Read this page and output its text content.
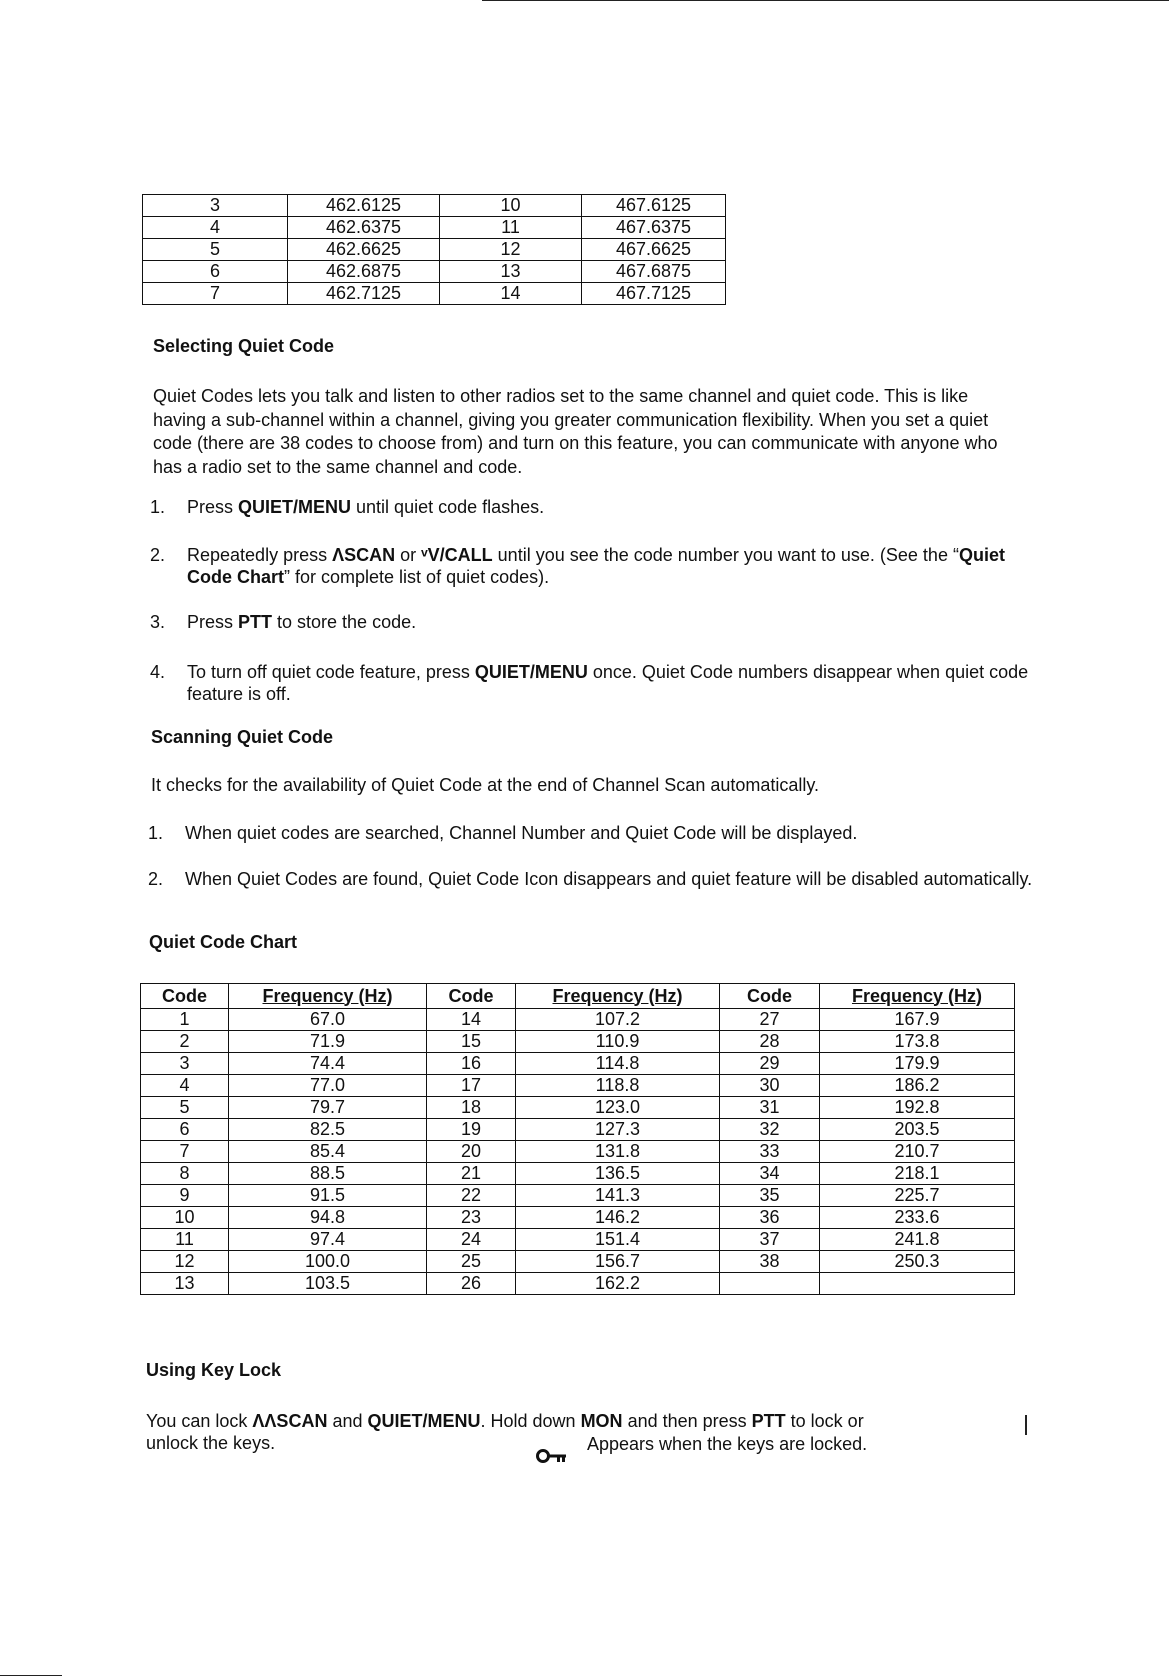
3	462.6125	10	467.6125
4	462.6375	11	467.6375
5	462.6625	12	467.6625
6	462.6875	13	467.6875
7	462.7125	14	467.7125
Selecting Quiet Code
Quiet Codes lets you talk and listen to other radios set to the same channel and quiet code. This is like having a sub-channel within a channel, giving you greater communication flexibility. When you set a quiet code (there are 38 codes to choose from) and turn on this feature, you can communicate with anyone who has a radio set to the same channel and code.
1. Press QUIET/MENU until quiet code flashes.
2. Repeatedly press ΛSCAN or ᵛV/CALL until you see the code number you want to use. (See the “Quiet Code Chart” for complete list of quiet codes).
3. Press PTT to store the code.
4. To turn off quiet code feature, press QUIET/MENU once. Quiet Code numbers disappear when quiet code feature is off.
Scanning Quiet Code
It checks for the availability of Quiet Code at the end of Channel Scan automatically.
1. When quiet codes are searched, Channel Number and Quiet Code will be displayed.
2. When Quiet Codes are found, Quiet Code Icon disappears and quiet feature will be disabled automatically.
Quiet Code Chart
Code	Frequency (Hz)	Code	Frequency (Hz)	Code	Frequency (Hz)
1	67.0	14	107.2	27	167.9
2	71.9	15	110.9	28	173.8
3	74.4	16	114.8	29	179.9
4	77.0	17	118.8	30	186.2
5	79.7	18	123.0	31	192.8
6	82.5	19	127.3	32	203.5
7	85.4	20	131.8	33	210.7
8	88.5	21	136.5	34	218.1
9	91.5	22	141.3	35	225.7
10	94.8	23	146.2	36	233.6
11	97.4	24	151.4	37	241.8
12	100.0	25	156.7	38	250.3
13	103.5	26	162.2		
Using Key Lock
You can lock ΛΛSCAN and QUIET/MENU. Hold down MON and then press PTT to lock or
unlock the keys.	Appears when the keys are locked.
